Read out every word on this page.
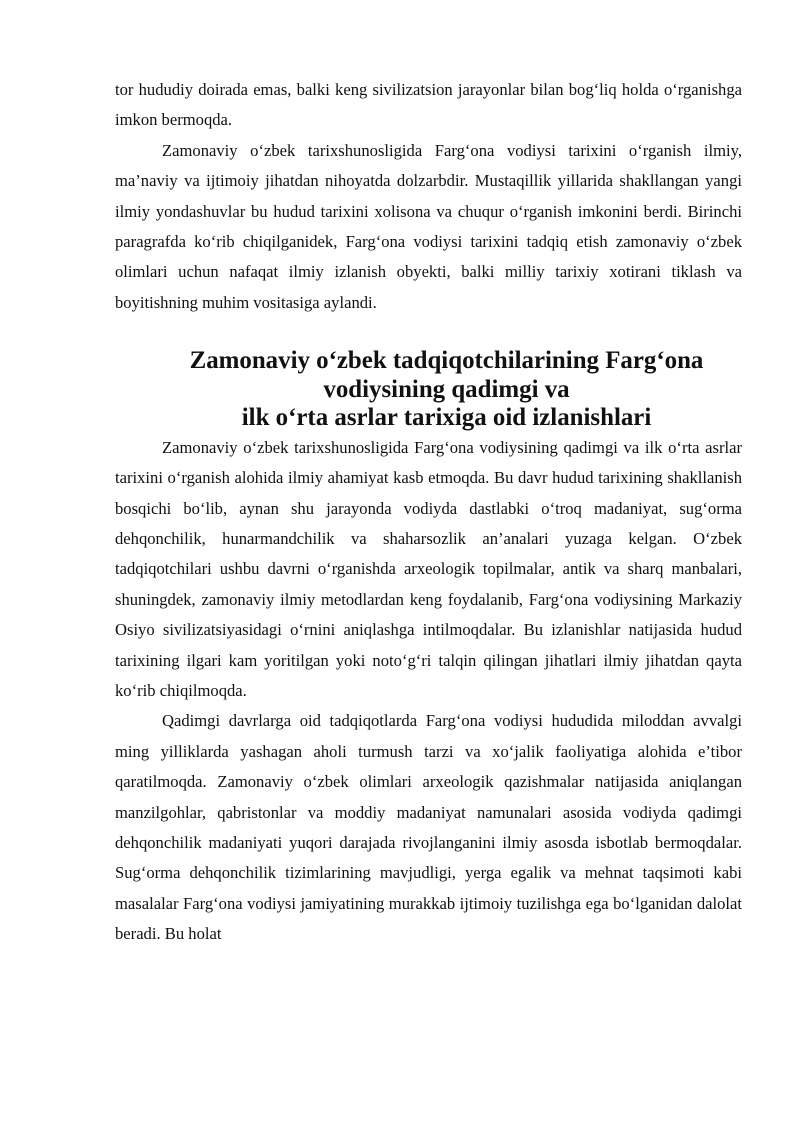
tor hududiy doirada emas, balki keng sivilizatsion jarayonlar bilan bog‘liq holda o‘rganishga imkon bermoqda.

Zamonaviy o‘zbek tarixshunosligida Farg‘ona vodiysi tarixini o‘rganish ilmiy, ma’naviy va ijtimoiy jihatdan nihoyatda dolzarbdir. Mustaqillik yillarida shakllangan yangi ilmiy yondashuvlar bu hudud tarixini xolisona va chuqur o‘rganish imkonini berdi. Birinchi paragrafda ko‘rib chiqilganidek, Farg‘ona vodiysi tarixini tadqiq etish zamonaviy o‘zbek olimlari uchun nafaqat ilmiy izlanish obyekti, balki milliy tarixiy xotirani tiklash va boyitishning muhim vositasiga aylandi.

Zamonaviy o‘zbek tadqiqotchilarining Farg‘ona vodiysining qadimgi va
ilk o‘rta asrlar tarixiga oid izlanishlari

Zamonaviy o‘zbek tarixshunosligida Farg‘ona vodiysining qadimgi va ilk o‘rta asrlar tarixini o‘rganish alohida ilmiy ahamiyat kasb etmoqda. Bu davr hudud tarixining shakllanish bosqichi bo‘lib, aynan shu jarayonda vodiyda dastlabki o‘troq madaniyat, sug‘orma dehqonchilik, hunarmandchilik va shaharsozlik an’analari yuzaga kelgan. O‘zbek tadqiqotchilari ushbu davrni o‘rganishda arxeologik topilmalar, antik va sharq manbalari, shuningdek, zamonaviy ilmiy metodlardan keng foydalanib, Farg‘ona vodiysining Markaziy Osiyo sivilizatsiyasidagi o‘rnini aniqlashga intilmoqdalar. Bu izlanishlar natijasida hudud tarixining ilgari kam yoritilgan yoki noto‘g‘ri talqin qilingan jihatlari ilmiy jihatdan qayta ko‘rib chiqilmoqda.

Qadimgi davrlarga oid tadqiqotlarda Farg‘ona vodiysi hududida miloddan avvalgi ming yilliklarda yashagan aholi turmush tarzi va xo‘jalik faoliyatiga alohida e’tibor qaratilmoqda. Zamonaviy o‘zbek olimlari arxeologik qazishmalar natijasida aniqlangan manzilgohlar, qabristonlar va moddiy madaniyat namunalari asosida vodiyda qadimgi dehqonchilik madaniyati yuqori darajada rivojlanganini ilmiy asosda isbotlab bermoqdalar. Sug‘orma dehqonchilik tizimlarining mavjudligi, yerga egalik va mehnat taqsimoti kabi masalalar Farg‘ona vodiysi jamiyatining murakkab ijtimoiy tuzilishga ega bo‘lganidan dalolat beradi. Bu holat
